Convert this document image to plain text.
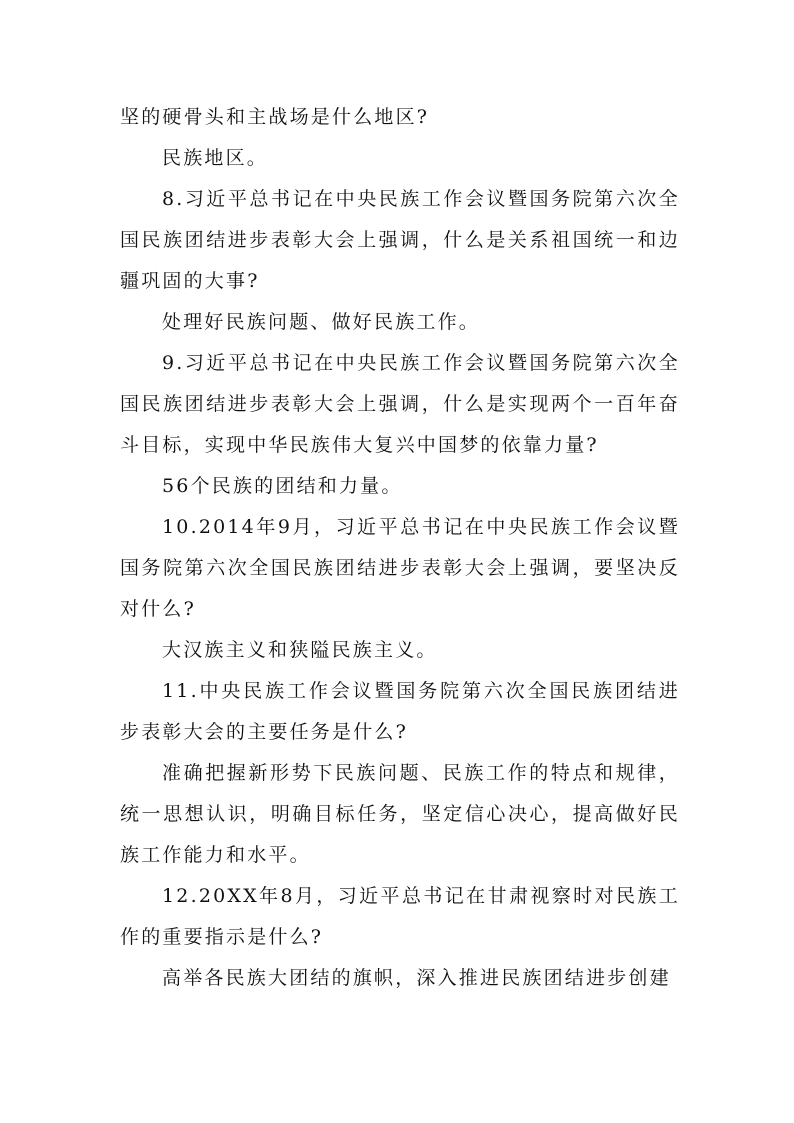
坚的硬骨头和主战场是什么地区?

民族地区。

8.习近平总书记在中央民族工作会议暨国务院第六次全国民族团结进步表彰大会上强调，什么是关系祖国统一和边疆巩固的大事?

处理好民族问题、做好民族工作。

9.习近平总书记在中央民族工作会议暨国务院第六次全国民族团结进步表彰大会上强调，什么是实现两个一百年奋斗目标，实现中华民族伟大复兴中国梦的依靠力量?

56个民族的团结和力量。

10.2014年9月，习近平总书记在中央民族工作会议暨国务院第六次全国民族团结进步表彰大会上强调，要坚决反对什么?

大汉族主义和狭隘民族主义。

11.中央民族工作会议暨国务院第六次全国民族团结进步表彰大会的主要任务是什么?

准确把握新形势下民族问题、民族工作的特点和规律，统一思想认识，明确目标任务，坚定信心决心，提高做好民族工作能力和水平。

12.20XX年8月，习近平总书记在甘肃视察时对民族工作的重要指示是什么?

高举各民族大团结的旗帜，深入推进民族团结进步创建
